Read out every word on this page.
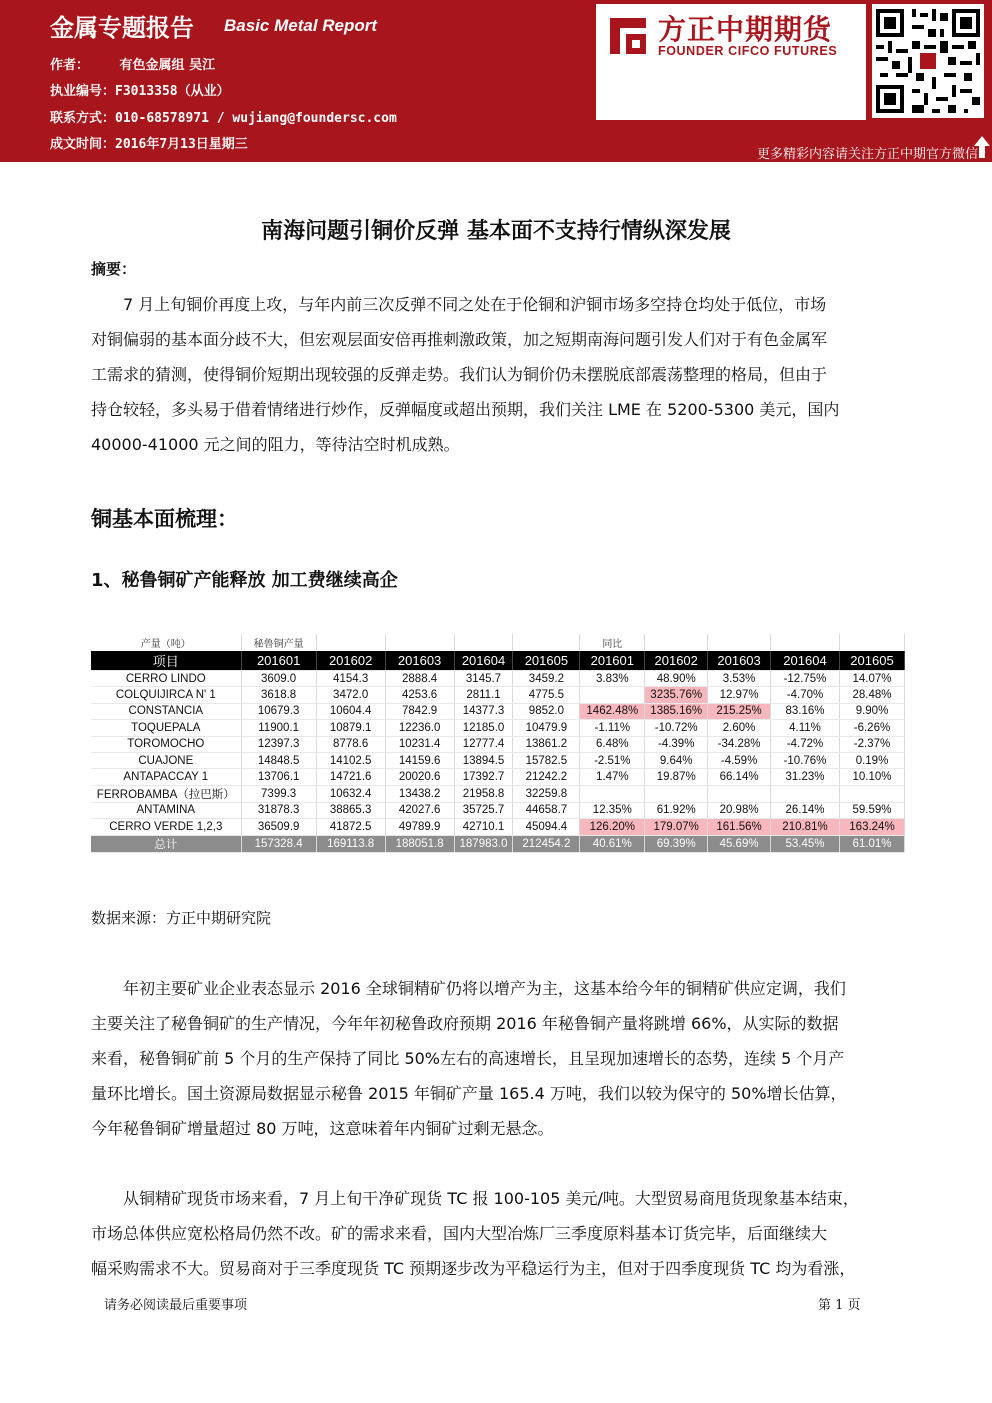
金属专题报告 Basic Metal Report
作者： 有色金属组 吴江
执业编号：F3013358（从业）
联系方式：010-68578971 / wujiang@foundersc.com
成文时间：2016年7月13日星期三
方正中期期货
FOUNDER CIFCO FUTURES
更多精彩内容请关注方正中期官方微信
南海问题引铜价反弹 基本面不支持行情纵深发展
摘要：
　　7 月上旬铜价再度上攻，与年内前三次反弹不同之处在于伦铜和沪铜市场多空持仓均处于低位，市场
对铜偏弱的基本面分歧不大，但宏观层面安倍再推刺激政策，加之短期南海问题引发人们对于有色金属军
工需求的猜测，使得铜价短期出现较强的反弹走势。我们认为铜价仍未摆脱底部震荡整理的格局，但由于
持仓较轻，多头易于借着情绪进行炒作，反弹幅度或超出预期，我们关注 LME 在 5200-5300 美元，国内
40000-41000 元之间的阻力，等待沽空时机成熟。
铜基本面梳理：
1、秘鲁铜矿产能释放 加工费继续高企
产量（吨）	秘鲁铜产量					同比				
项目	201601	201602	201603	201604	201605	201601	201602	201603	201604	201605
CERRO LINDO	3609.0	4154.3	2888.4	3145.7	3459.2	3.83%	48.90%	3.53%	-12.75%	14.07%
COLQUIJIRCA N' 1	3618.8	3472.0	4253.6	2811.1	4775.5		3235.76%	12.97%	-4.70%	28.48%
CONSTANCIA	10679.3	10604.4	7842.9	14377.3	9852.0	1462.48%	1385.16%	215.25%	83.16%	9.90%
TOQUEPALA	11900.1	10879.1	12236.0	12185.0	10479.9	-1.11%	-10.72%	2.60%	4.11%	-6.26%
TOROMOCHO	12397.3	8778.6	10231.4	12777.4	13861.2	6.48%	-4.39%	-34.28%	-4.72%	-2.37%
CUAJONE	14848.5	14102.5	14159.6	13894.5	15782.5	-2.51%	9.64%	-4.59%	-10.76%	0.19%
ANTAPACCAY 1	13706.1	14721.6	20020.6	17392.7	21242.2	1.47%	19.87%	66.14%	31.23%	10.10%
FERROBAMBA（拉巴斯）	7399.3	10632.4	13438.2	21958.8	32259.8					
ANTAMINA	31878.3	38865.3	42027.6	35725.7	44658.7	12.35%	61.92%	20.98%	26.14%	59.59%
CERRO VERDE 1,2,3	36509.9	41872.5	49789.9	42710.1	45094.4	126.20%	179.07%	161.56%	210.81%	163.24%
总计	157328.4	169113.8	188051.8	187983.0	212454.2	40.61%	69.39%	45.69%	53.45%	61.01%
数据来源：方正中期研究院
　　年初主要矿业企业表态显示 2016 全球铜精矿仍将以增产为主，这基本给今年的铜精矿供应定调，我们
主要关注了秘鲁铜矿的生产情况，今年年初秘鲁政府预期 2016 年秘鲁铜产量将跳增 66%，从实际的数据
来看，秘鲁铜矿前 5 个月的生产保持了同比 50%左右的高速增长，且呈现加速增长的态势，连续 5 个月产
量环比增长。国土资源局数据显示秘鲁 2015 年铜矿产量 165.4 万吨，我们以较为保守的 50%增长估算，
今年秘鲁铜矿增量超过 80 万吨，这意味着年内铜矿过剩无悬念。
　　从铜精矿现货市场来看，7 月上旬干净矿现货 TC 报 100-105 美元/吨。大型贸易商甩货现象基本结束，
市场总体供应宽松格局仍然不改。矿的需求来看，国内大型冶炼厂三季度原料基本订货完毕，后面继续大
幅采购需求不大。贸易商对于三季度现货 TC 预期逐步改为平稳运行为主，但对于四季度现货 TC 均为看涨，
请务必阅读最后重要事项	第 1 页
